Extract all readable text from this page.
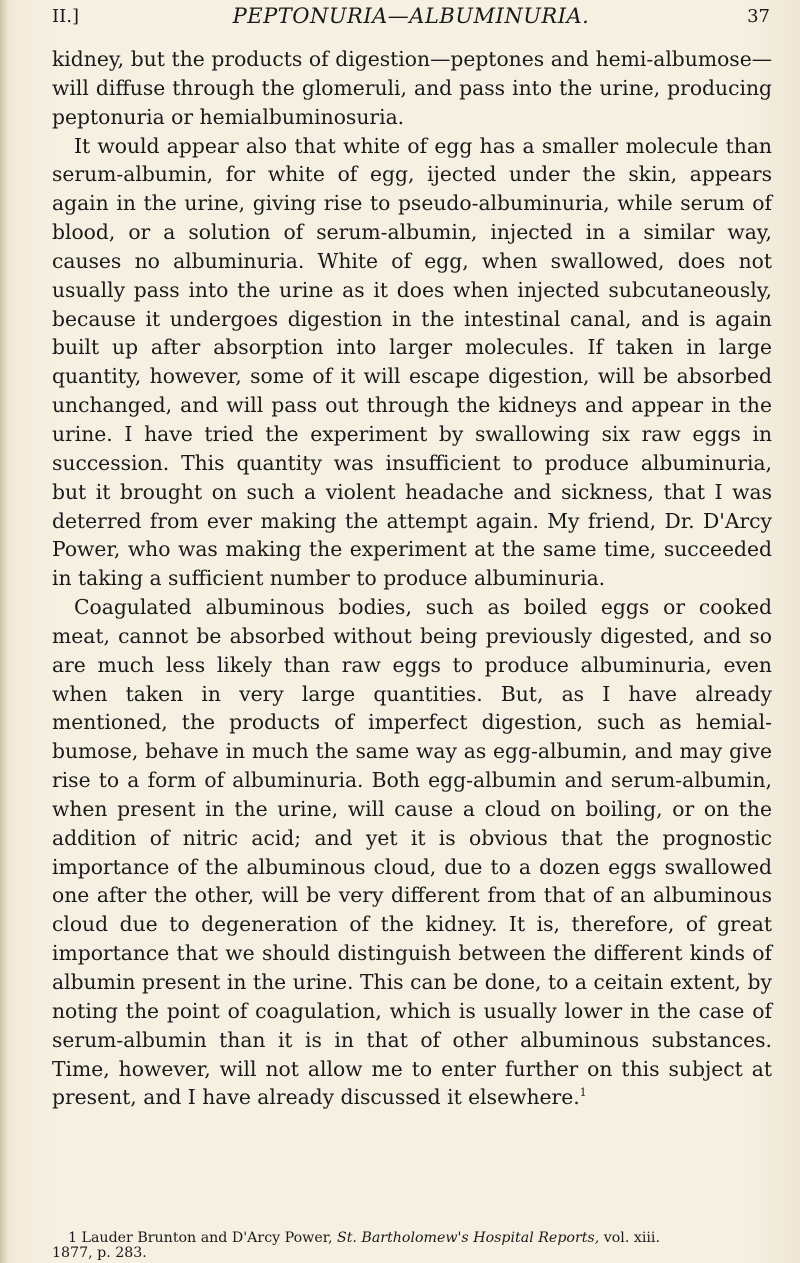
II.]	PEPTONURIA—ALBUMINURIA.	37

kidney, but the products of digestion—peptones and hemi-albumose—will diffuse through the glomeruli, and pass into the urine, producing peptonuria or hemialbuminosuria.

It would appear also that white of egg has a smaller molecule than serum-albumin, for white of egg, ijected under the skin, appears again in the urine, giving rise to pseudo-albuminuria, while serum of blood, or a solution of serum-albumin, injected in a similar way, causes no albuminuria. White of egg, when swallowed, does not usually pass into the urine as it does when injected subcutaneously, because it undergoes digestion in the intestinal canal, and is again built up after absorption into larger molecules. If taken in large quantity, however, some of it will escape digestion, will be absorbed unchanged, and will pass out through the kidneys and appear in the urine. I have tried the experiment by swallowing six raw eggs in succession. This quantity was insufficient to produce albuminuria, but it brought on such a violent headache and sickness, that I was deterred from ever making the attempt again. My friend, Dr. D'Arcy Power, who was making the experiment at the same time, succeeded in taking a sufficient number to produce albuminuria.

Coagulated albuminous bodies, such as boiled eggs or cooked meat, cannot be absorbed without being previously digested, and so are much less likely than raw eggs to produce albuminuria, even when taken in very large quantities. But, as I have already mentioned, the products of imperfect digestion, such as hemial-bumose, behave in much the same way as egg-albumin, and may give rise to a form of albuminuria. Both egg-albumin and serum-albumin, when present in the urine, will cause a cloud on boiling, or on the addition of nitric acid; and yet it is obvious that the prognostic importance of the albuminous cloud, due to a dozen eggs swallowed one after the other, will be very different from that of an albuminous cloud due to degeneration of the kidney. It is, therefore, of great importance that we should distinguish between the different kinds of albumin present in the urine. This can be done, to a ceitain extent, by noting the point of coagulation, which is usually lower in the case of serum-albumin than it is in that of other albuminous substances. Time, however, will not allow me to enter further on this subject at present, and I have already discussed it elsewhere.$^1$

1 Lauder Brunton and D'Arcy Power, St. Bartholomew's Hospital Reports, vol. xiii.
1877, p. 283.
